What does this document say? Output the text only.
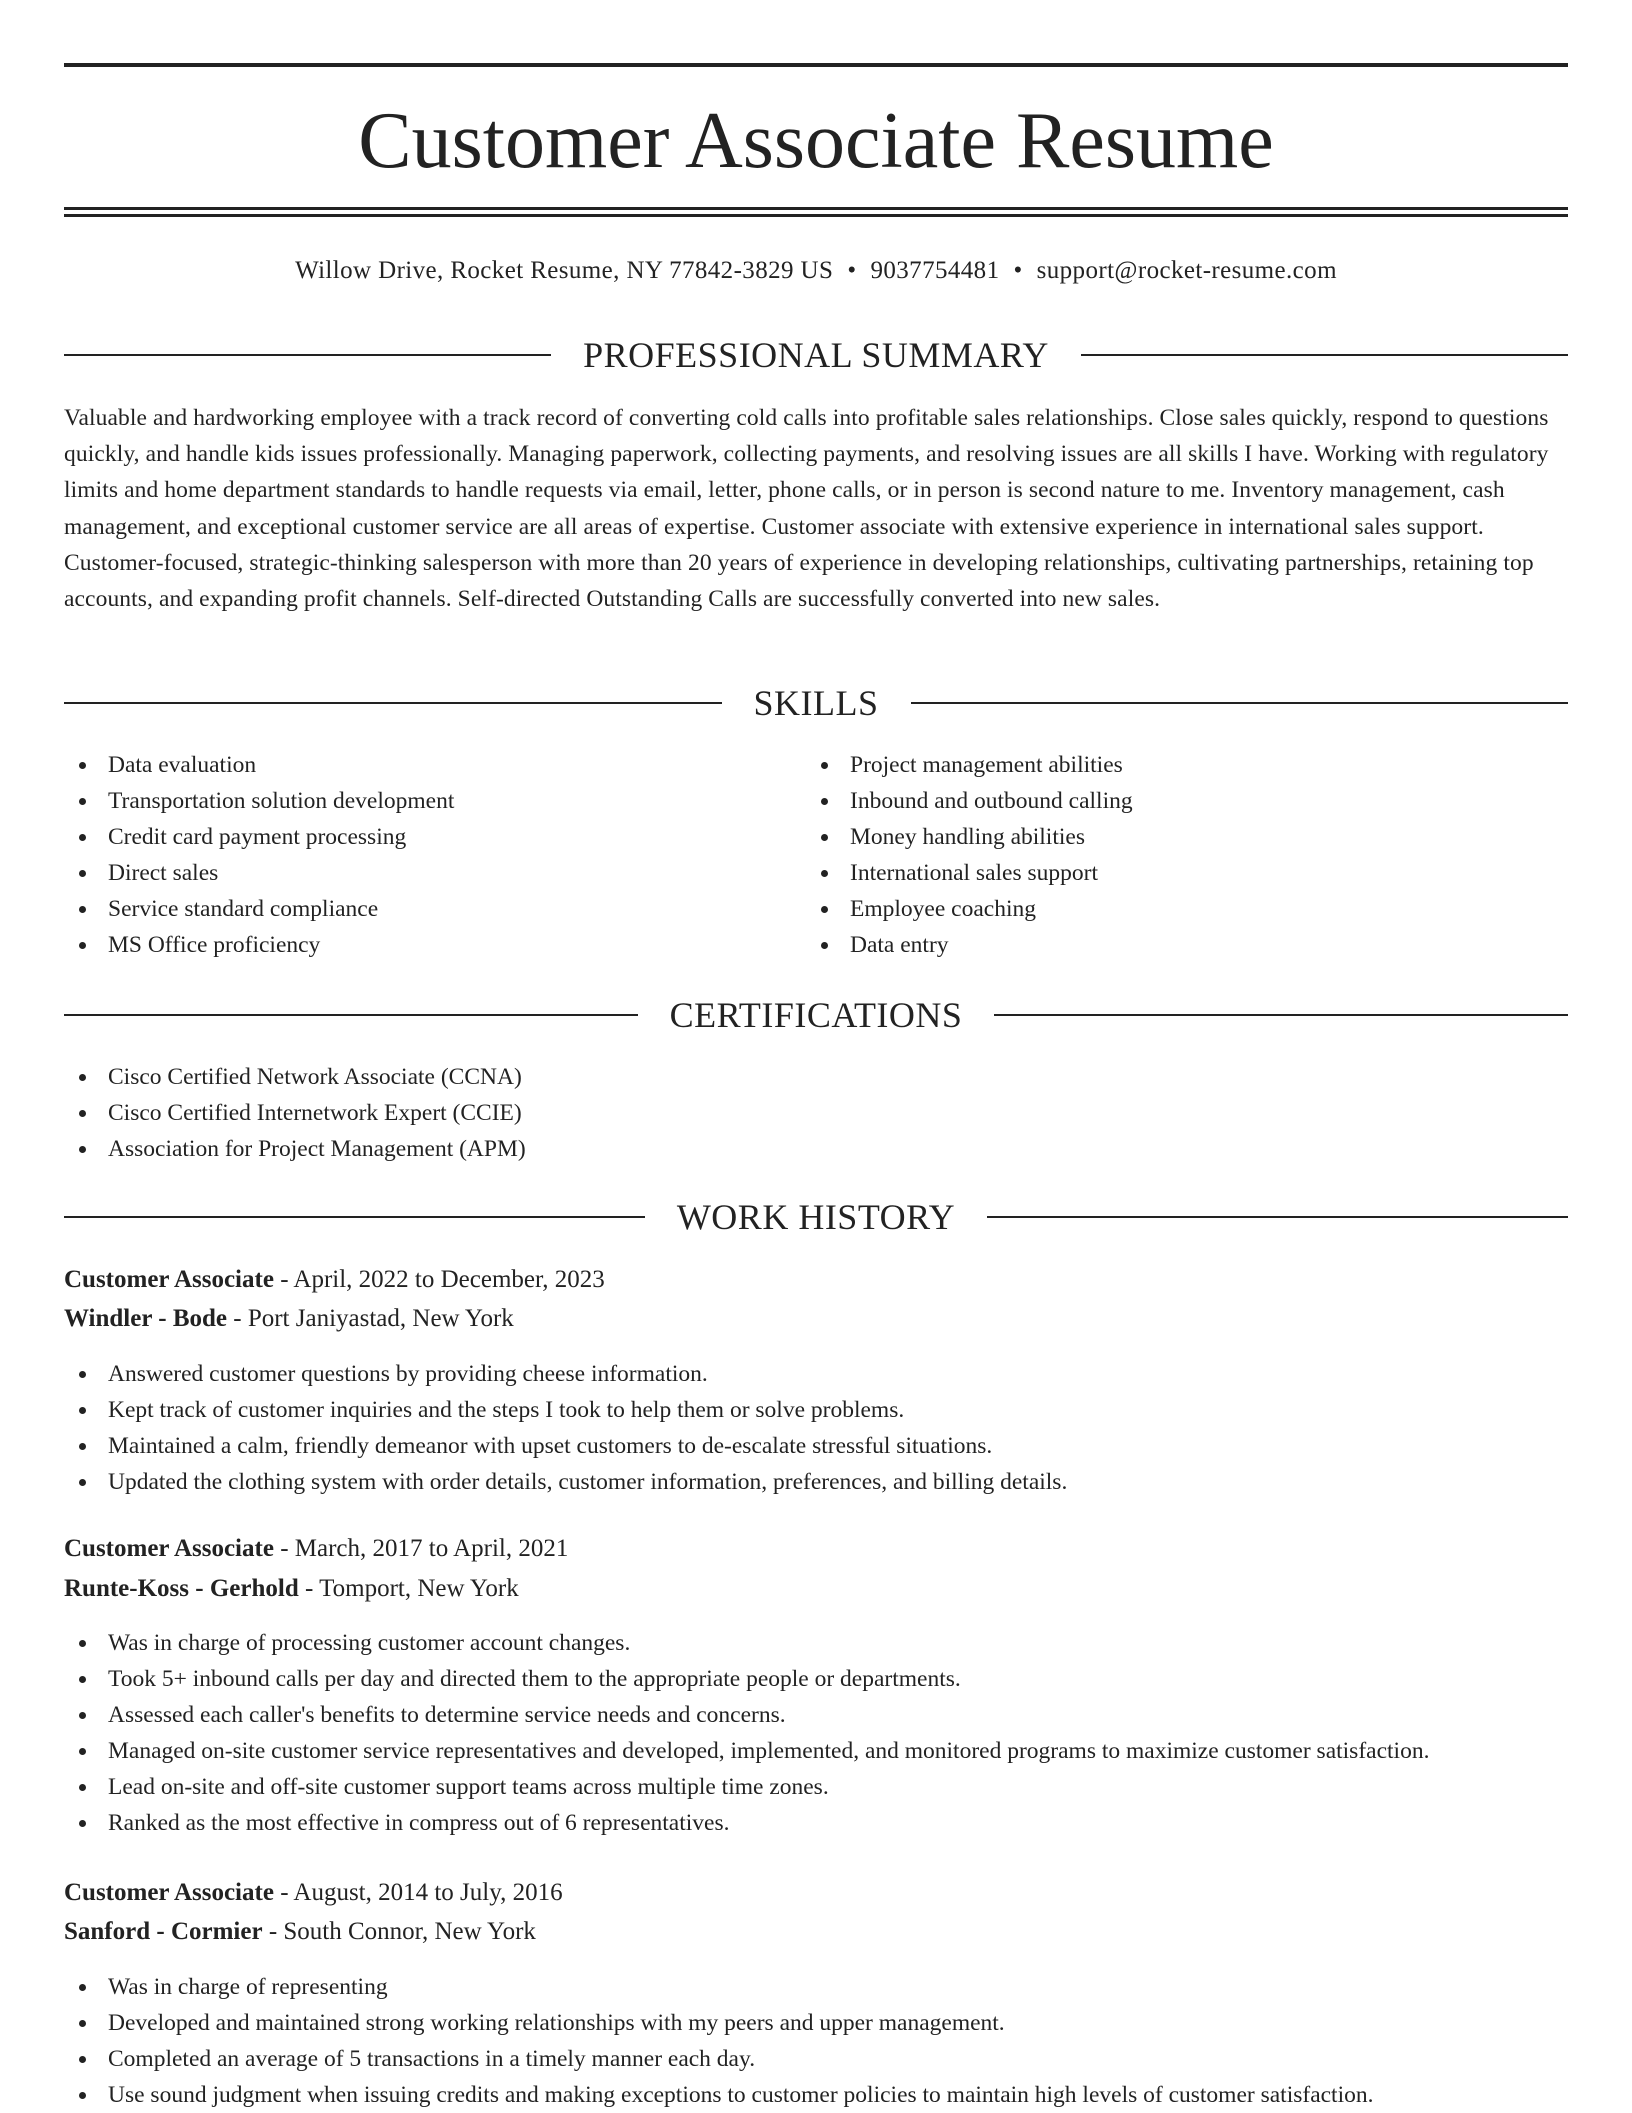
Customer Associate Resume
Willow Drive, Rocket Resume, NY 77842-3829 US • 9037754481 • support@rocket-resume.com
PROFESSIONAL SUMMARY

Valuable and hardworking employee with a track record of converting cold calls into profitable sales relationships. Close sales quickly, respond to questions quickly, and handle kids issues professionally. Managing paperwork, collecting payments, and resolving issues are all skills I have. Working with regulatory limits and home department standards to handle requests via email, letter, phone calls, or in person is second nature to me. Inventory management, cash management, and exceptional customer service are all areas of expertise. Customer associate with extensive experience in international sales support. Customer-focused, strategic-thinking salesperson with more than 20 years of experience in developing relationships, cultivating partnerships, retaining top accounts, and expanding profit channels. Self-directed Outstanding Calls are successfully converted into new sales.

SKILLS
Data evaluation
Transportation solution development
Credit card payment processing
Direct sales
Service standard compliance
MS Office proficiency
Project management abilities
Inbound and outbound calling
Money handling abilities
International sales support
Employee coaching
Data entry
CERTIFICATIONS
Cisco Certified Network Associate (CCNA)
Cisco Certified Internetwork Expert (CCIE)
Association for Project Management (APM)
WORK HISTORY
Customer Associate - April, 2022 to December, 2023
Windler - Bode - Port Janiyastad, New York
Answered customer questions by providing cheese information.
Kept track of customer inquiries and the steps I took to help them or solve problems.
Maintained a calm, friendly demeanor with upset customers to de-escalate stressful situations.
Updated the clothing system with order details, customer information, preferences, and billing details.
Customer Associate - March, 2017 to April, 2021
Runte-Koss - Gerhold - Tomport, New York
Was in charge of processing customer account changes.
Took 5+ inbound calls per day and directed them to the appropriate people or departments.
Assessed each caller's benefits to determine service needs and concerns.
Managed on-site customer service representatives and developed, implemented, and monitored programs to maximize customer satisfaction.
Lead on-site and off-site customer support teams across multiple time zones.
Ranked as the most effective in compress out of 6 representatives.
Customer Associate - August, 2014 to July, 2016
Sanford - Cormier - South Connor, New York
Was in charge of representing
Developed and maintained strong working relationships with my peers and upper management.
Completed an average of 5 transactions in a timely manner each day.
Use sound judgment when issuing credits and making exceptions to customer policies to maintain high levels of customer satisfaction.
